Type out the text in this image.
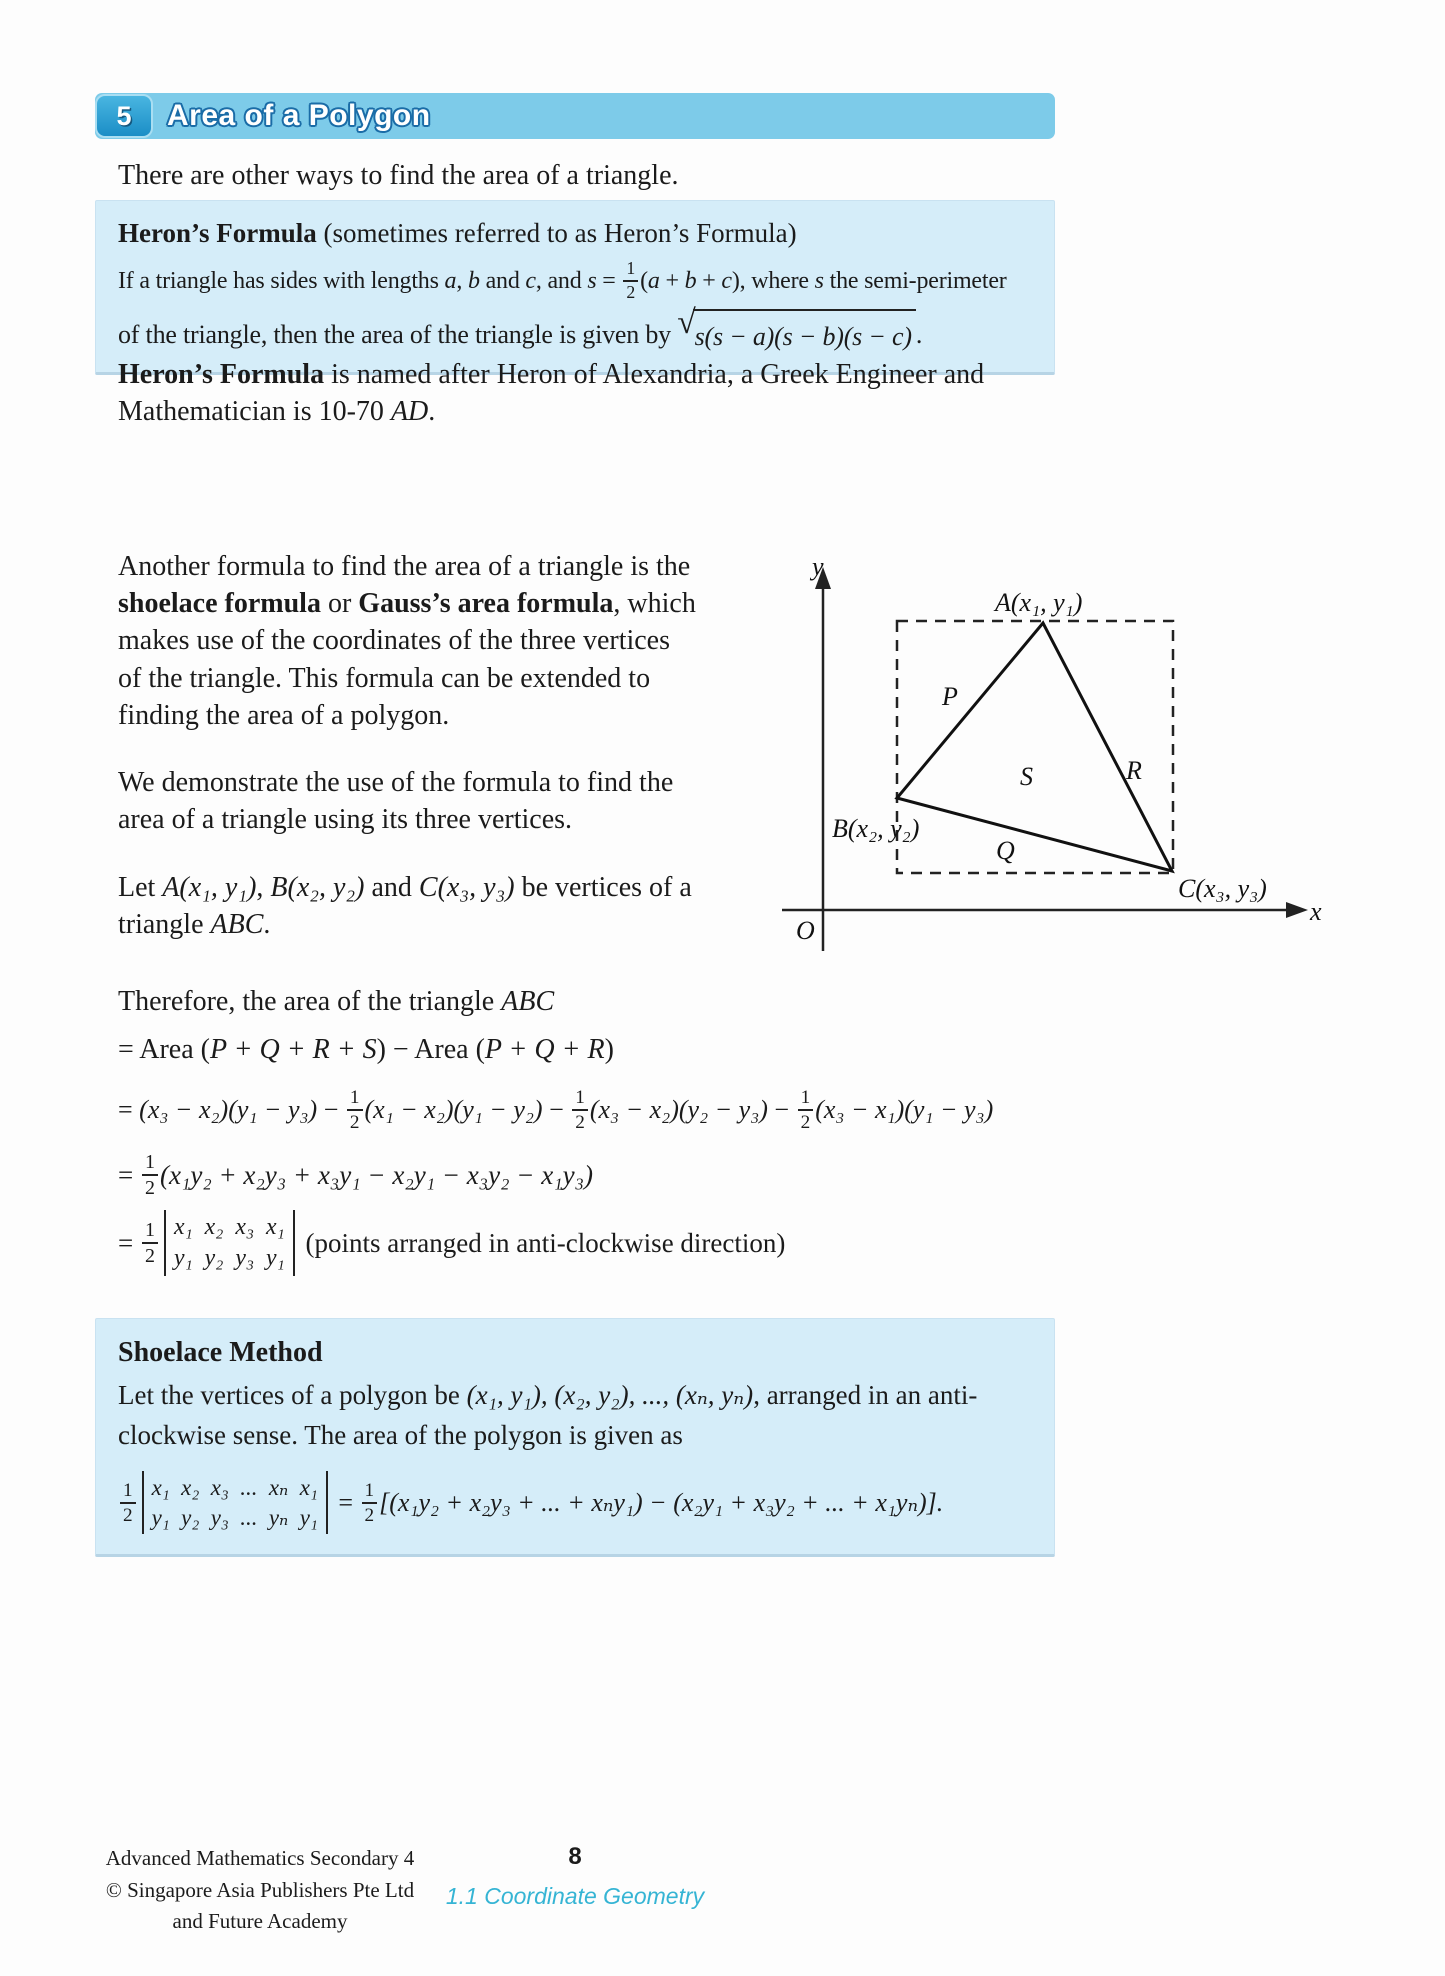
5 Area of a Polygon
There are other ways to find the area of a triangle.
Heron’s Formula (sometimes referred to as Heron’s Formula)
If a triangle has sides with lengths a , b and c , and $s = \frac{1}{2}$ ( a + b + c ), where s the semi-perimeter
of the triangle, then the area of the triangle is given by √ s(s − a)(s − b)(s − c) .
Heron’s Formula is named after Heron of Alexandria, a Greek Engineer and Mathematician is 10-70 AD.
Another formula to find the area of a triangle is the shoelace formula or Gauss’s area formula, which makes use of the coordinates of the three vertices of the triangle. This formula can be extended to finding the area of a polygon.
We demonstrate the use of the formula to find the area of a triangle using its three vertices.
Let A(x₁, y₁), B(x₂, y₂) and C(x₃, y₃) be vertices of a triangle ABC.
y
x
O
A(x₁, y₁)
B(x₂, y₂)
C(x₃, y₃)
P
S	R
Q
Therefore, the area of the triangle ABC
= Area (P + Q + R + S) − Area (P + Q + R)
= $(x_3 - x_2)(y_1 - y_3) - \frac{1}{2} (x_1 - x_2)(y_1 - y_2) - \frac{1}{2} (x_3 - x_2)(y_2 - y_3) - \frac{1}{2} (x_3 - x_1)(y_1 - y_3)$
= $\frac{1}{2} (x_1y_2 + x_2y_3 + x_3y_1 - x_2y_1 - x_3y_2 - x_1y_3)$
= $\frac{1}{2} x_1$  x₂  x₃  x₁
y₁  y₂  y₃  y₁ (points arranged in anti-clockwise direction)
Shoelace Method
Let the vertices of a polygon be (x₁, y₁), (x₂, y₂), ..., (xₙ, yₙ), arranged in an anti-clockwise sense. The area of the polygon is given as
$\frac{1}{2} x_1$  x₂  x₃  ...  xₙ  x₁
y₁  y₂  y₃  ...  yₙ  y₁
= $\frac{1}{2} [(x_1y_2 + x_2y_3$ + ... + xₙy₁) − (x₂y₁ + x₃y₂ + ... + x₁yₙ)].
Advanced Mathematics Secondary 4
© Singapore Asia Publishers Pte Ltd
and Future Academy
8
1.1 Coordinate Geometry
